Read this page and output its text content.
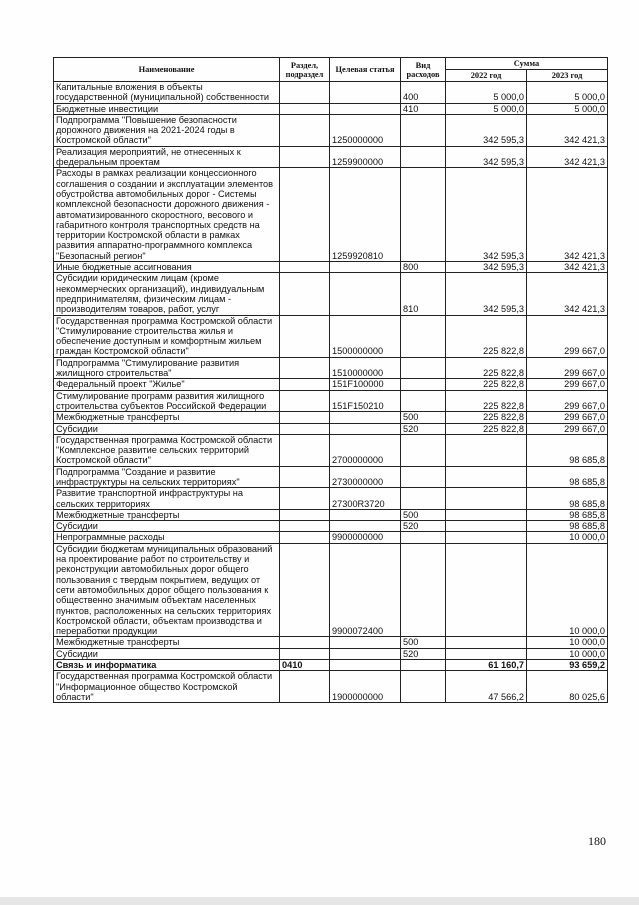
Наименование	Раздел, подраздел	Целевая статья	Вид расходов	Сумма	
				2022 год	2023 год
Капитальные вложения в объекты государственной (муниципальной) собственности			400	5 000,0	5 000,0
Бюджетные инвестиции			410	5 000,0	5 000,0
Подпрограмма "Повышение безопасности дорожного движения на 2021-2024 годы в Костромской области"		1250000000		342 595,3	342 421,3
Реализация мероприятий, не отнесенных к федеральным проектам		1259900000		342 595,3	342 421,3
Расходы в рамках реализации концессионного соглашения о создании и эксплуатации элементов обустройства автомобильных дорог - Системы комплексной безопасности дорожного движения - автоматизированного скоростного, весового и габаритного контроля транспортных средств на территории Костромской области в рамках развития аппаратно-программного комплекса "Безопасный регион"		1259920810		342 595,3	342 421,3
Иные бюджетные ассигнования			800	342 595,3	342 421,3
Субсидии юридическим лицам (кроме некоммерческих организаций), индивидуальным предпринимателям, физическим лицам - производителям товаров, работ, услуг			810	342 595,3	342 421,3
Государственная программа Костромской области "Стимулирование строительства жилья и обеспечение доступным и комфортным жильем граждан Костромской области"		1500000000		225 822,8	299 667,0
Подпрограмма "Стимулирование развития жилищного строительства"		1510000000		225 822,8	299 667,0
Федеральный проект "Жилье"		151F100000		225 822,8	299 667,0
Стимулирование программ развития жилищного строительства субъектов Российской Федерации		151F150210		225 822,8	299 667,0
Межбюджетные трансферты			500	225 822,8	299 667,0
Субсидии			520	225 822,8	299 667,0
Государственная программа Костромской области "Комплексное развитие сельских территорий Костромской области"		2700000000			98 685,8
Подпрограмма "Создание и развитие инфраструктуры на сельских территориях"		2730000000			98 685,8
Развитие транспортной инфраструктуры на сельских территориях		27300R3720			98 685,8
Межбюджетные трансферты			500		98 685,8
Субсидии			520		98 685,8
Непрограммные расходы		9900000000			10 000,0
Субсидии бюджетам муниципальных образований на проектирование работ по строительству и реконструкции автомобильных дорог общего пользования с твердым покрытием, ведущих от сети автомобильных дорог общего пользования к общественно значимым объектам населенных пунктов, расположенных на сельских территориях Костромской области, объектам производства и переработки продукции		9900072400			10 000,0
Межбюджетные трансферты			500		10 000,0
Субсидии			520		10 000,0
Связь и информатика	0410			61 160,7	93 659,2
Государственная программа Костромской области "Информационное общество Костромской области"		1900000000		47 566,2	80 025,6
180
